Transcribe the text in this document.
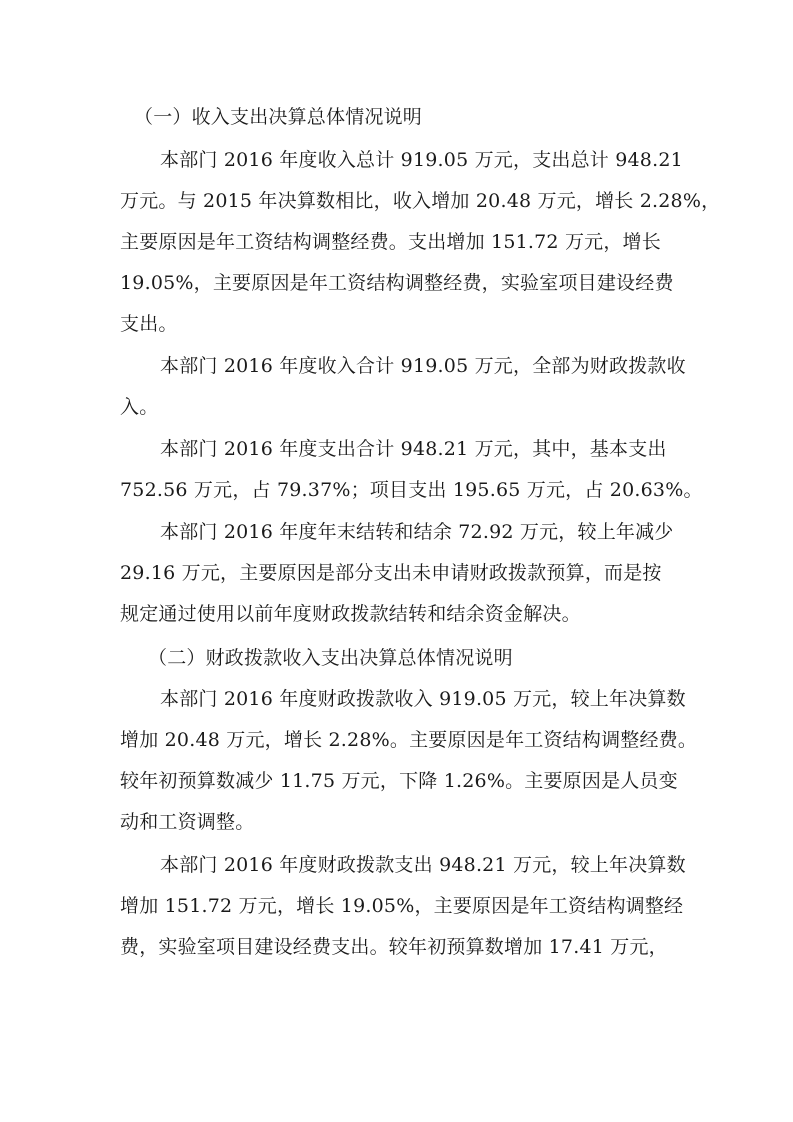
（一）收入支出决算总体情况说明
本部门 2016 年度收入总计 919.05 万元，支出总计 948.21
万元。与 2015 年决算数相比，收入增加 20.48 万元，增长 2.28%，
主要原因是年工资结构调整经费。支出增加 151.72 万元，增长
19.05%，主要原因是年工资结构调整经费，实验室项目建设经费
支出。
本部门 2016 年度收入合计 919.05 万元，全部为财政拨款收
入。
本部门 2016 年度支出合计 948.21 万元，其中，基本支出
752.56 万元，占 79.37%；项目支出 195.65 万元，占 20.63%。
本部门 2016 年度年末结转和结余 72.92 万元，较上年减少
29.16 万元，主要原因是部分支出未申请财政拨款预算，而是按
规定通过使用以前年度财政拨款结转和结余资金解决。
（二）财政拨款收入支出决算总体情况说明
本部门 2016 年度财政拨款收入 919.05 万元，较上年决算数
增加 20.48 万元，增长 2.28%。主要原因是年工资结构调整经费。
较年初预算数减少 11.75 万元，下降 1.26%。主要原因是人员变
动和工资调整。
本部门 2016 年度财政拨款支出 948.21 万元，较上年决算数
增加 151.72 万元，增长 19.05%，主要原因是年工资结构调整经
费，实验室项目建设经费支出。较年初预算数增加 17.41 万元，
